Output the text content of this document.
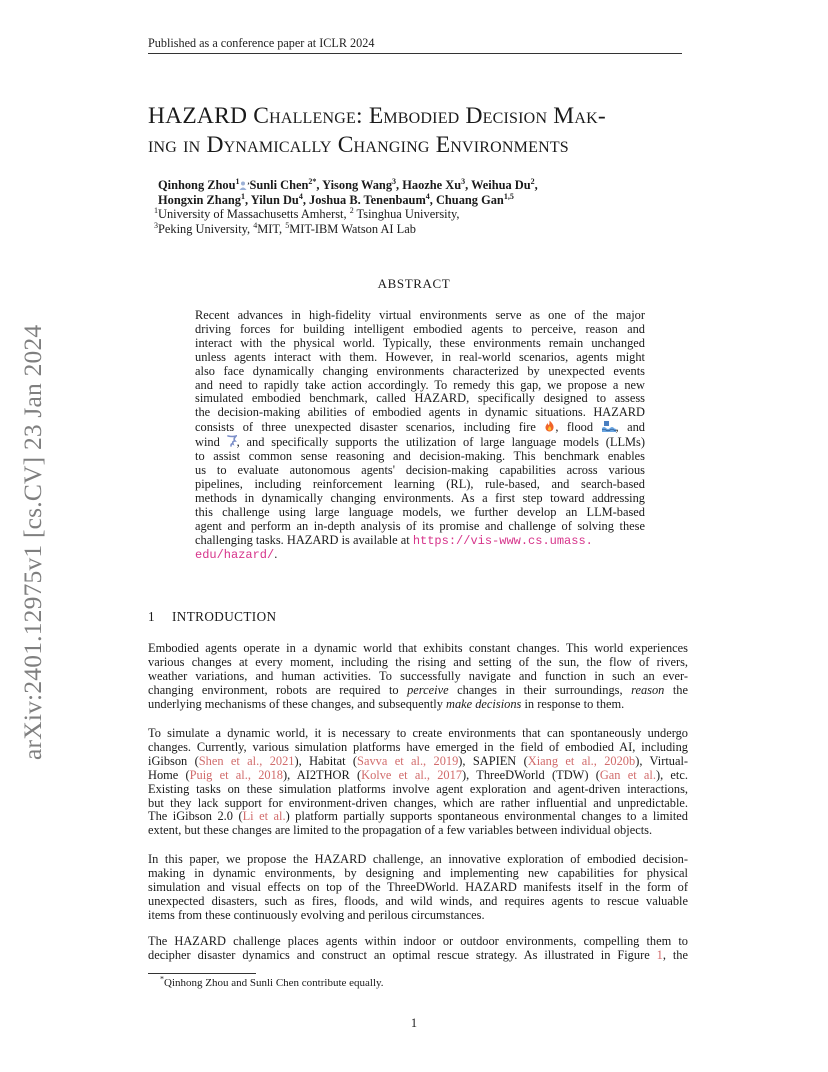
Published as a conference paper at ICLR 2024
arXiv:2401.12975v1 [cs.CV] 23 Jan 2024
HAZARD Challenge: Embodied Decision Mak-
ing in Dynamically Changing Environments
Qinhong Zhou$^1$ ,Sunli Chen$^{2*}$, Yisong Wang$^3$, Haozhe Xu$^3$, Weihua Du$^2$,
Hongxin Zhang$^1$, Yilun Du$^4$, Joshua B. Tenenbaum$^4$, Chuang Gan$^{1,5}$
$^1$University of Massachusetts Amherst, $^2$ Tsinghua University,
$^3$Peking University, $^4$MIT, $^5$MIT-IBM Watson AI Lab
ABSTRACT
Recent advances in high-fidelity virtual environments serve as one of the major
driving forces for building intelligent embodied agents to perceive, reason and
interact with the physical world. Typically, these environments remain unchanged
unless agents interact with them. However, in real-world scenarios, agents might
also face dynamically changing environments characterized by unexpected events
and need to rapidly take action accordingly. To remedy this gap, we propose a new
simulated embodied benchmark, called HAZARD, specifically designed to assess
the decision-making abilities of embodied agents in dynamic situations. HAZARD
consists of three unexpected disaster scenarios, including fire , flood , and
wind , and specifically supports the utilization of large language models (LLMs)
to assist common sense reasoning and decision-making. This benchmark enables
us to evaluate autonomous agents' decision-making capabilities across various
pipelines, including reinforcement learning (RL), rule-based, and search-based
methods in dynamically changing environments. As a first step toward addressing
this challenge using large language models, we further develop an LLM-based
agent and perform an in-depth analysis of its promise and challenge of solving these
challenging tasks. HAZARD is available at https://vis-www.cs.umass.
edu/hazard/.
1 INTRODUCTION
Embodied agents operate in a dynamic world that exhibits constant changes. This world experiences
various changes at every moment, including the rising and setting of the sun, the flow of rivers,
weather variations, and human activities. To successfully navigate and function in such an ever-
changing environment, robots are required to perceive changes in their surroundings, reason the
underlying mechanisms of these changes, and subsequently make decisions in response to them.
To simulate a dynamic world, it is necessary to create environments that can spontaneously undergo
changes. Currently, various simulation platforms have emerged in the field of embodied AI, including
iGibson (Shen et al., 2021), Habitat (Savva et al., 2019), SAPIEN (Xiang et al., 2020b), Virtual-
Home (Puig et al., 2018), AI2THOR (Kolve et al., 2017), ThreeDWorld (TDW) (Gan et al.), etc.
Existing tasks on these simulation platforms involve agent exploration and agent-driven interactions,
but they lack support for environment-driven changes, which are rather influential and unpredictable.
The iGibson 2.0 (Li et al.) platform partially supports spontaneous environmental changes to a limited
extent, but these changes are limited to the propagation of a few variables between individual objects.
In this paper, we propose the HAZARD challenge, an innovative exploration of embodied decision-
making in dynamic environments, by designing and implementing new capabilities for physical
simulation and visual effects on top of the ThreeDWorld. HAZARD manifests itself in the form of
unexpected disasters, such as fires, floods, and wild winds, and requires agents to rescue valuable
items from these continuously evolving and perilous circumstances.
The HAZARD challenge places agents within indoor or outdoor environments, compelling them to
decipher disaster dynamics and construct an optimal rescue strategy. As illustrated in Figure 1, the
*Qinhong Zhou and Sunli Chen contribute equally.
1
